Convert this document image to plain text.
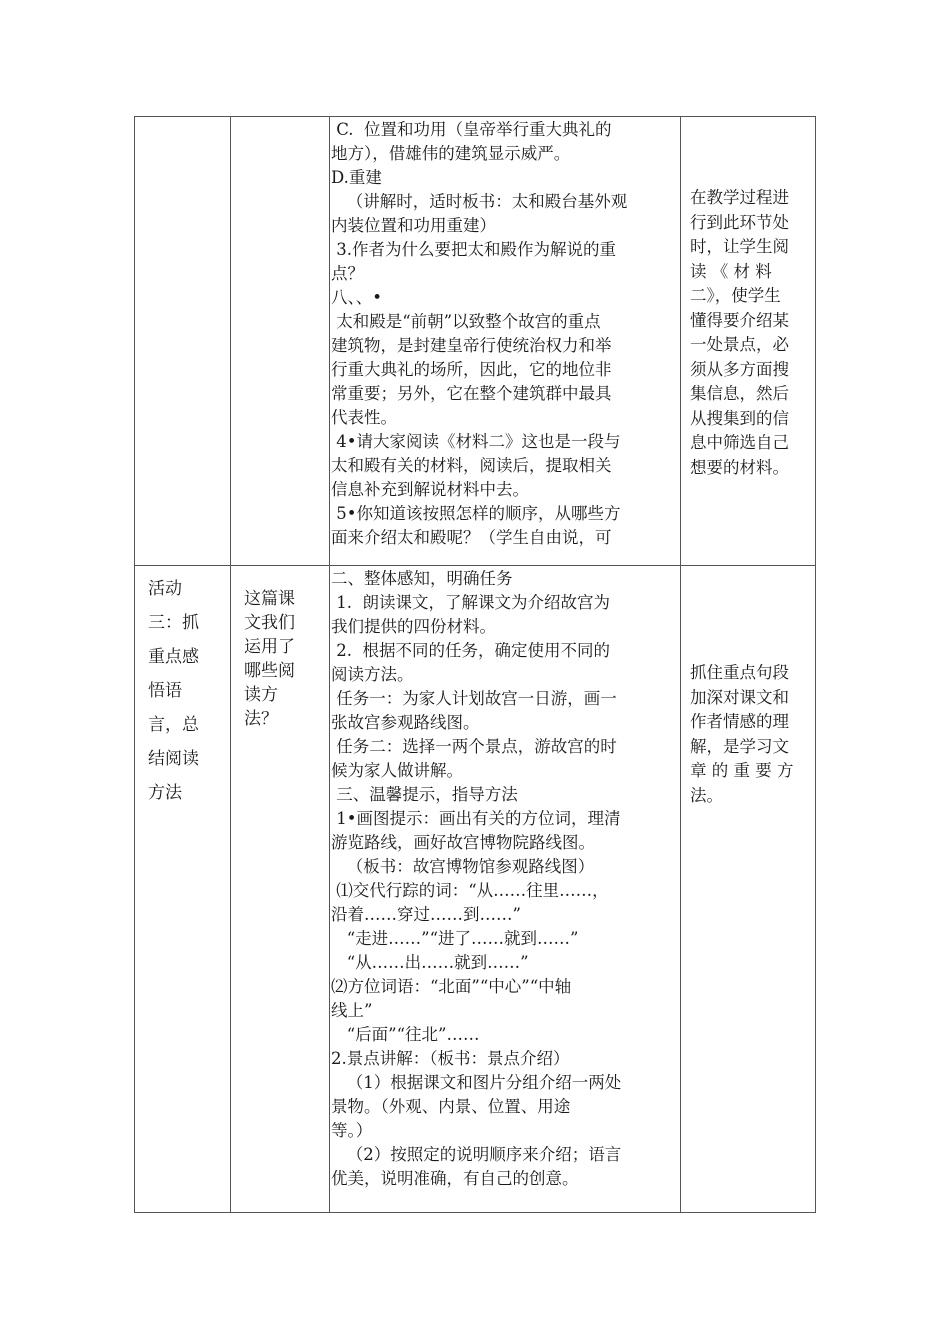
C.  位置和功用（皇帝举行重大典礼的
地方），借雄伟的建筑显示威严。
D.重建
（讲解时，适时板书：太和殿台基外观
内装位置和功用重建）
3.作者为什么要把太和殿作为解说的重
点？
八、、•
太和殿是“前朝”以致整个故宫的重点
建筑物，是封建皇帝行使统治权力和举
行重大典礼的场所，因此，它的地位非
常重要；另外，它在整个建筑群中最具
代表性。
4•请大家阅读《材料二》这也是一段与
太和殿有关的材料，阅读后，提取相关
信息补充到解说材料中去。
5•你知道该按照怎样的顺序，从哪些方
面来介绍太和殿呢？（学生自由说，可
在教学过程进
行到此环节处
时，让学生阅
读 《 材 料
二》，使学生
懂得要介绍某
一处景点，必
须从多方面搜
集信息，然后
从搜集到的信
息中筛选自己
想要的材料。
活动
三：抓
重点感
悟语
言，总
结阅读
方法
这篇课
文我们
运用了
哪些阅
读方
法？
二、整体感知，明确任务
1.  朗读课文，了解课文为介绍故宫为
我们提供的四份材料。
2.  根据不同的任务，确定使用不同的
阅读方法。
任务一：为家人计划故宫一日游，画一
张故宫参观路线图。
任务二：选择一两个景点，游故宫的时
候为家人做讲解。
三、温馨提示，指导方法
1•画图提示：画出有关的方位词，理清
游览路线，画好故宫博物院路线图。
（板书：故宫博物馆参观路线图）
⑴交代行踪的词：“从……往里……，
沿着……穿过……到……”
“走进……”“进了……就到……”
“从……出……就到……”
⑵方位词语：“北面”“中心”“中轴
线上”
“后面”“往北”……
2.景点讲解：（板书：景点介绍）
（1）根据课文和图片分组介绍一两处
景物。（外观、内景、位置、用途
等。）
（2）按照定的说明顺序来介绍；语言
优美，说明准确，有自己的创意。
抓住重点句段
加深对课文和
作者情感的理
解，是学习文
章 的 重 要 方
法。
